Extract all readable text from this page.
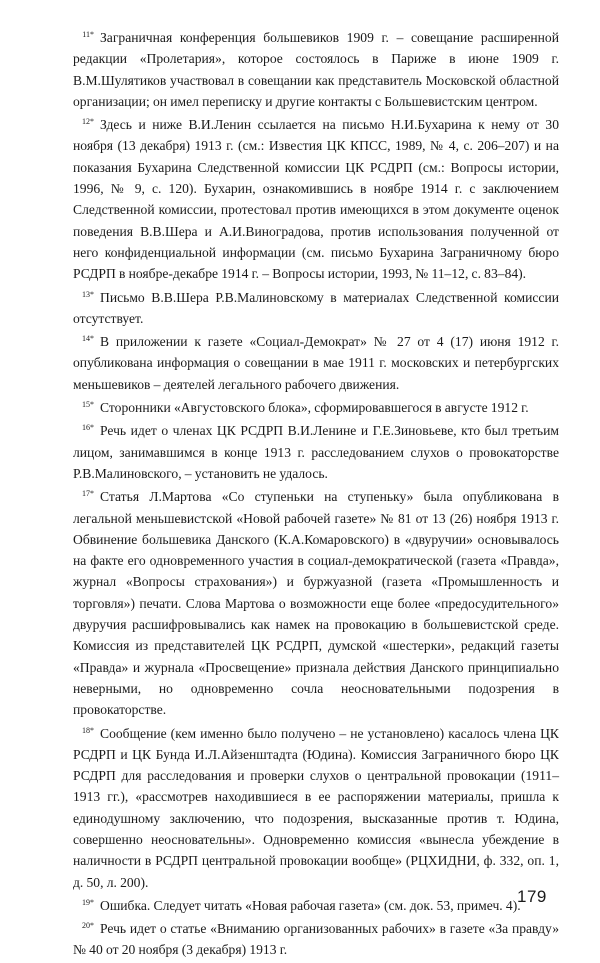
$^{11*}$ Заграничная конференция большевиков 1909 г. – совещание расширенной редакции «Пролетария», которое состоялось в Париже в июне 1909 г. В.М.Шулятиков участвовал в совещании как представитель Московской областной организации; он имел переписку и другие контакты с Большевистским центром.

$^{12*}$ Здесь и ниже В.И.Ленин ссылается на письмо Н.И.Бухарина к нему от 30 ноября (13 декабря) 1913 г. (см.: Известия ЦК КПСС, 1989, № 4, с. 206–207) и на показания Бухарина Следственной комиссии ЦК РСДРП (см.: Вопросы истории, 1996, № 9, с. 120). Бухарин, ознакомившись в ноябре 1914 г. с заключением Следственной комиссии, протестовал против имеющихся в этом документе оценок поведения В.В.Шера и А.И.Виноградова, против использования полученной от него конфиденциальной информации (см. письмо Бухарина Заграничному бюро РСДРП в ноябре-декабре 1914 г. – Вопросы истории, 1993, № 11–12, с. 83–84).

$^{13*}$ Письмо В.В.Шера Р.В.Малиновскому в материалах Следственной комиссии отсутствует.

$^{14*}$ В приложении к газете «Социал-Демократ» № 27 от 4 (17) июня 1912 г. опубликована информация о совещании в мае 1911 г. московских и петербургских меньшевиков – деятелей легального рабочего движения.

$^{15*}$ Сторонники «Августовского блока», сформировавшегося в августе 1912 г.

$^{16*}$ Речь идет о членах ЦК РСДРП В.И.Ленине и Г.Е.Зиновьеве, кто был третьим лицом, занимавшимся в конце 1913 г. расследованием слухов о провокаторстве Р.В.Малиновского, – установить не удалось.

$^{17*}$ Статья Л.Мартова «Со ступеньки на ступеньку» была опубликована в легальной меньшевистской «Новой рабочей газете» № 81 от 13 (26) ноября 1913 г. Обвинение большевика Данского (К.А.Комаровского) в «двуручии» основывалось на факте его одновременного участия в социал-демократической (газета «Правда», журнал «Вопросы страхования») и буржуазной (газета «Промышленность и торговля») печати. Слова Мартова о возможности еще более «предосудительного» двуручия расшифровывались как намек на провокацию в большевистской среде. Комиссия из представителей ЦК РСДРП, думской «шестерки», редакций газеты «Правда» и журнала «Просвещение» признала действия Данского принципиально неверными, но одновременно сочла неосновательными подозрения в провокаторстве.

$^{18*}$ Сообщение (кем именно было получено – не установлено) касалось члена ЦК РСДРП и ЦК Бунда И.Л.Айзенштадта (Юдина). Комиссия Заграничного бюро ЦК РСДРП для расследования и проверки слухов о центральной провокации (1911–1913 гг.), «рассмотрев находившиеся в ее распоряжении материалы, пришла к единодушному заключению, что подозрения, высказанные против т. Юдина, совершенно неосновательны». Одновременно комиссия «вынесла убеждение в наличности в РСДРП центральной провокации вообще» (РЦХИДНИ, ф. 332, оп. 1, д. 50, л. 200).

$^{19*}$ Ошибка. Следует читать «Новая рабочая газета» (см. док. 53, примеч. 4).

$^{20*}$ Речь идет о статье «Вниманию организованных рабочих» в газете «За правду» № 40 от 20 ноября (3 декабря) 1913 г.

179
